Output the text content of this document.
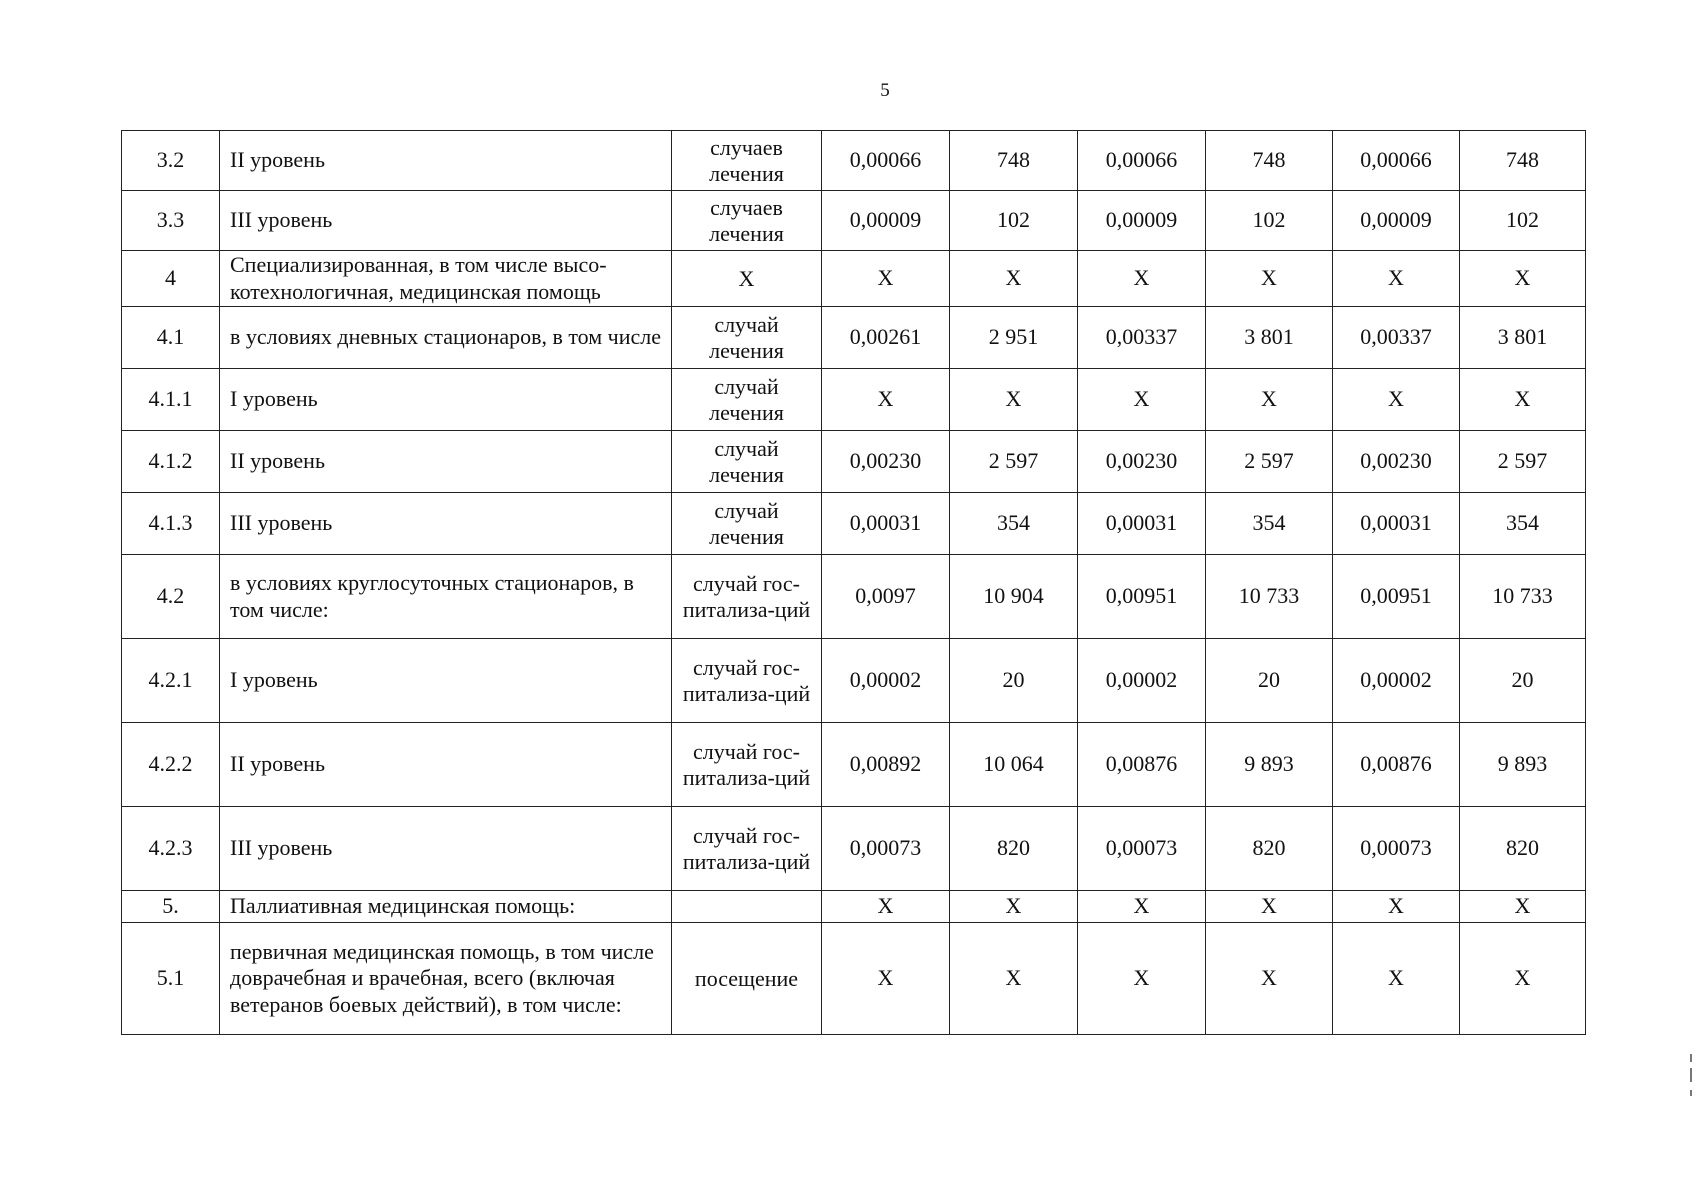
5
3.2	II уровень	случаев лечения	0,00066	748	0,00066	748	0,00066	748
3.3	III уровень	случаев лечения	0,00009	102	0,00009	102	0,00009	102
4	Специализированная, в том числе высо-котехнологичная, медицинская помощь	Х	Х	Х	Х	Х	Х	Х
4.1	в условиях дневных стационаров, в том числе	случай лечения	0,00261	2 951	0,00337	3 801	0,00337	3 801
4.1.1	I уровень	случай лечения	Х	Х	Х	Х	Х	Х
4.1.2	II уровень	случай лечения	0,00230	2 597	0,00230	2 597	0,00230	2 597
4.1.3	III уровень	случай лечения	0,00031	354	0,00031	354	0,00031	354
4.2	в условиях круглосуточных стационаров, в том числе:	случай гос-питализа-ций	0,0097	10 904	0,00951	10 733	0,00951	10 733
4.2.1	I уровень	случай гос-питализа-ций	0,00002	20	0,00002	20	0,00002	20
4.2.2	II уровень	случай гос-питализа-ций	0,00892	10 064	0,00876	9 893	0,00876	9 893
4.2.3	III уровень	случай гос-питализа-ций	0,00073	820	0,00073	820	0,00073	820
5.	Паллиативная медицинская помощь:		Х	Х	Х	Х	Х	Х
5.1	первичная медицинская помощь, в том числе доврачебная и врачебная, всего (включая ветеранов боевых действий), в том числе:	посещение	Х	Х	Х	Х	Х	Х
